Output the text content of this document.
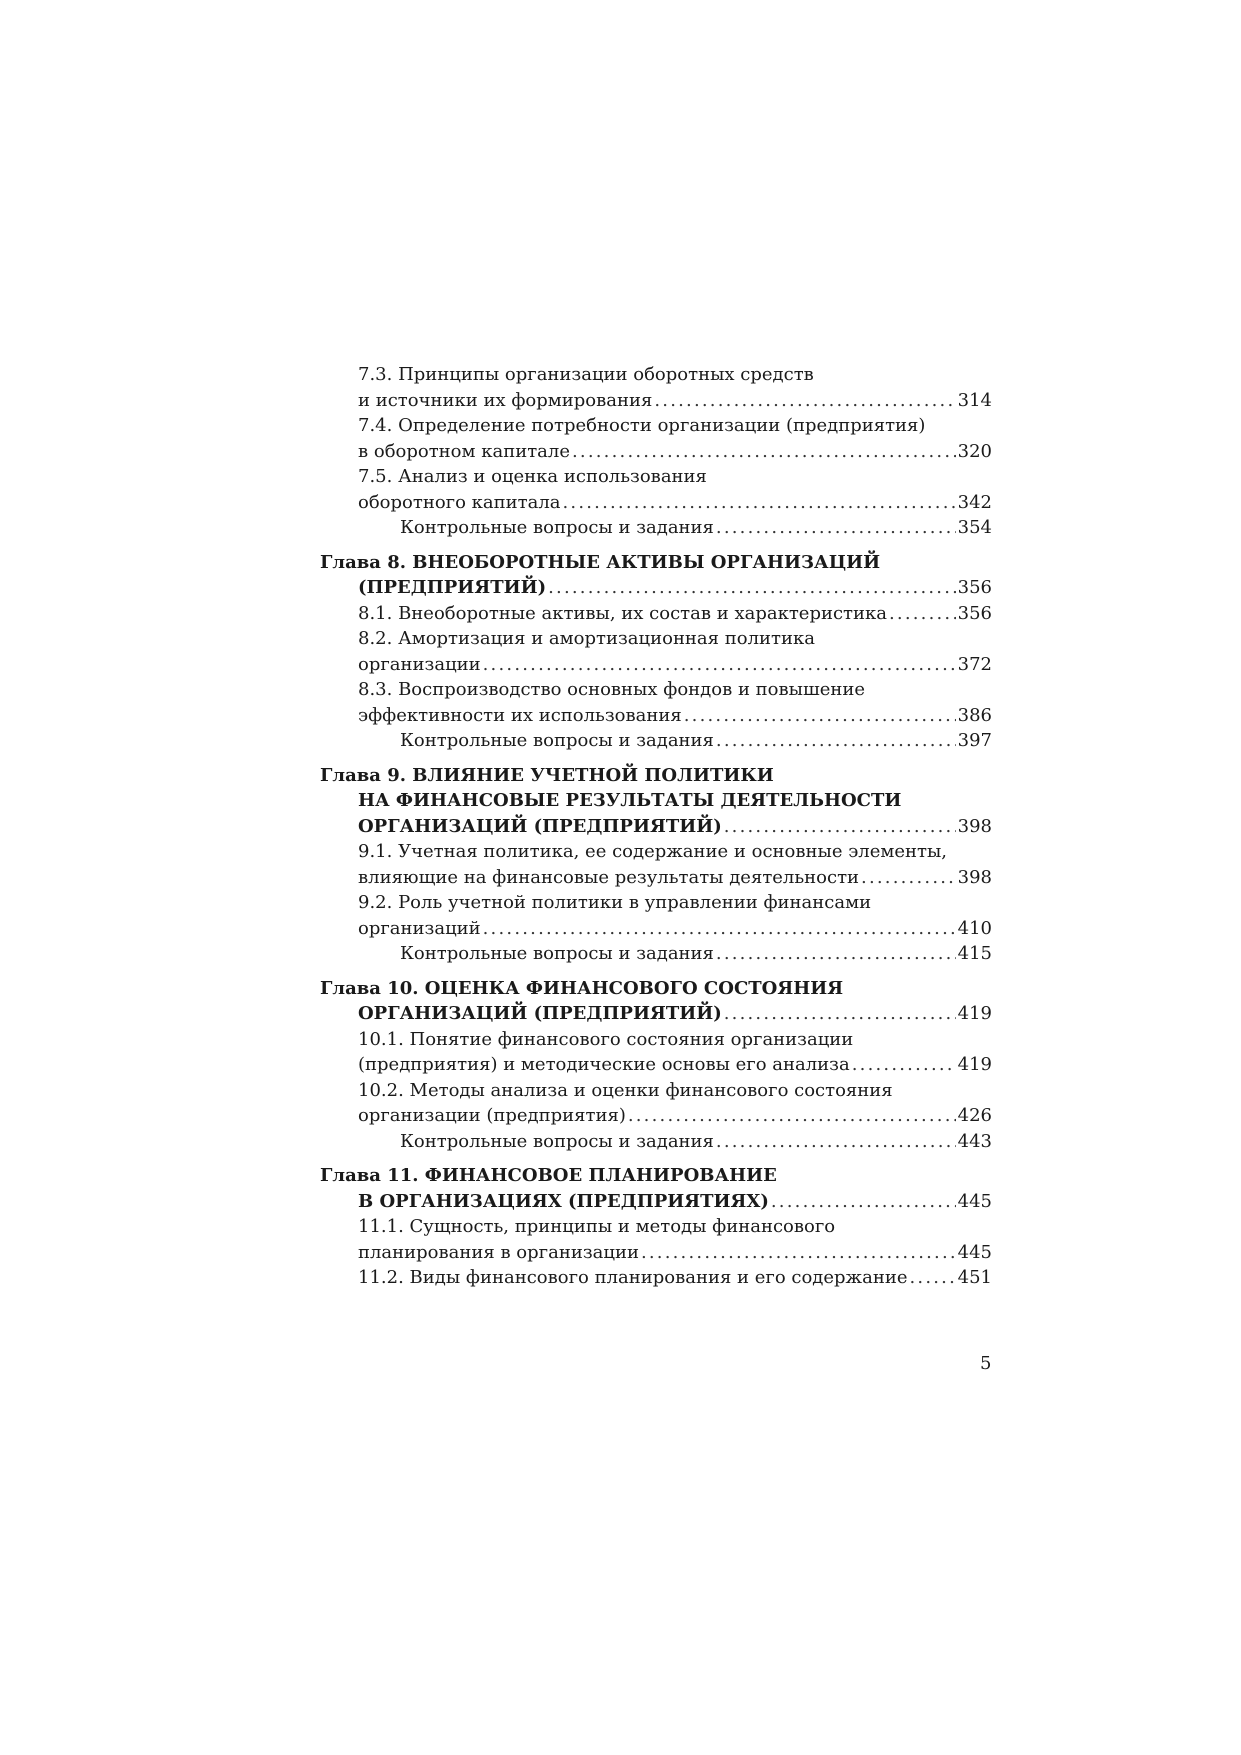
7.3. Принципы организации оборотных средств
и источники их формирования .....	314
7.4. Определение потребности организации (предприятия)
в оборотном капитале .....	320
7.5. Анализ и оценка использования
оборотного капитала .....	342
Контрольные вопросы и задания .....	354
Глава 8. ВНЕОБОРОТНЫЕ АКТИВЫ ОРГАНИЗАЦИЙ
(ПРЕДПРИЯТИЙ) .....	356
8.1. Внеоборотные активы, их состав и характеристика .....	356
8.2. Амортизация и амортизационная политика
организации .....	372
8.3. Воспроизводство основных фондов и повышение
эффективности их использования .....	386
Контрольные вопросы и задания .....	397
Глава 9. ВЛИЯНИЕ УЧЕТНОЙ ПОЛИТИКИ
НА ФИНАНСОВЫЕ РЕЗУЛЬТАТЫ ДЕЯТЕЛЬНОСТИ
ОРГАНИЗАЦИЙ (ПРЕДПРИЯТИЙ) .....	398
9.1. Учетная политика, ее содержание и основные элементы,
влияющие на финансовые результаты деятельности .....	398
9.2. Роль учетной политики в управлении финансами
организаций .....	410
Контрольные вопросы и задания .....	415
Глава 10. ОЦЕНКА ФИНАНСОВОГО СОСТОЯНИЯ
ОРГАНИЗАЦИЙ (ПРЕДПРИЯТИЙ) .....	419
10.1. Понятие финансового состояния организации
(предприятия) и методические основы его анализа .....	419
10.2. Методы анализа и оценки финансового состояния
организации (предприятия) .....	426
Контрольные вопросы и задания .....	443
Глава 11. ФИНАНСОВОЕ ПЛАНИРОВАНИЕ
В ОРГАНИЗАЦИЯХ (ПРЕДПРИЯТИЯХ) .....	445
11.1. Сущность, принципы и методы финансового
планирования в организации .....	445
11.2. Виды финансового планирования и его содержание .....	451
5
